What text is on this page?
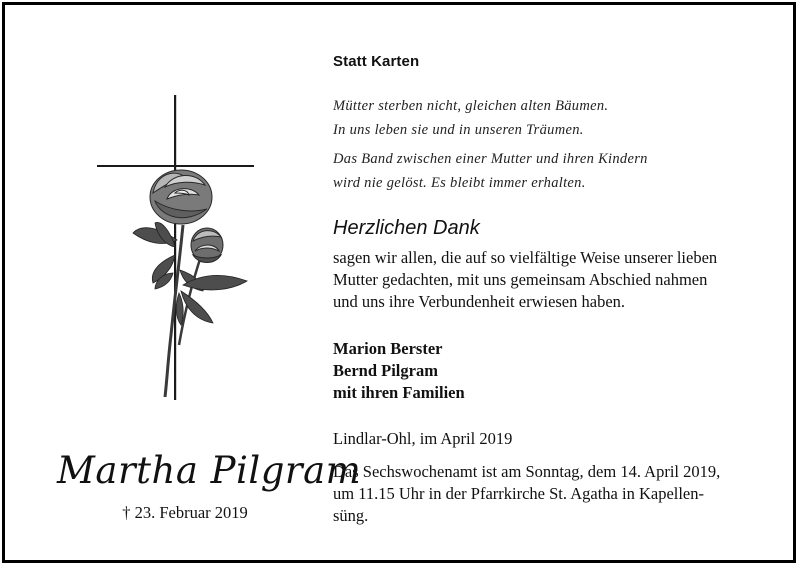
Statt Karten
Mütter sterben nicht, gleichen alten Bäumen.
In uns leben sie und in unseren Träumen.
Das Band zwischen einer Mutter und ihren Kindern
wird nie gelöst. Es bleibt immer erhalten.
Herzlichen Dank
sagen wir allen, die auf so vielfältige Weise unserer lieben
Mutter gedachten, mit uns gemeinsam Abschied nahmen
und uns ihre Verbundenheit erwiesen haben.
Marion Berster
Bernd Pilgram
mit ihren Familien
Lindlar-Ohl, im April 2019
Das Sechswochenamt ist am Sonntag, dem 14. April 2019,
um 11.15 Uhr in der Pfarrkirche St. Agatha in Kapellen-
süng.
Martha Pilgram
† 23. Februar 2019
